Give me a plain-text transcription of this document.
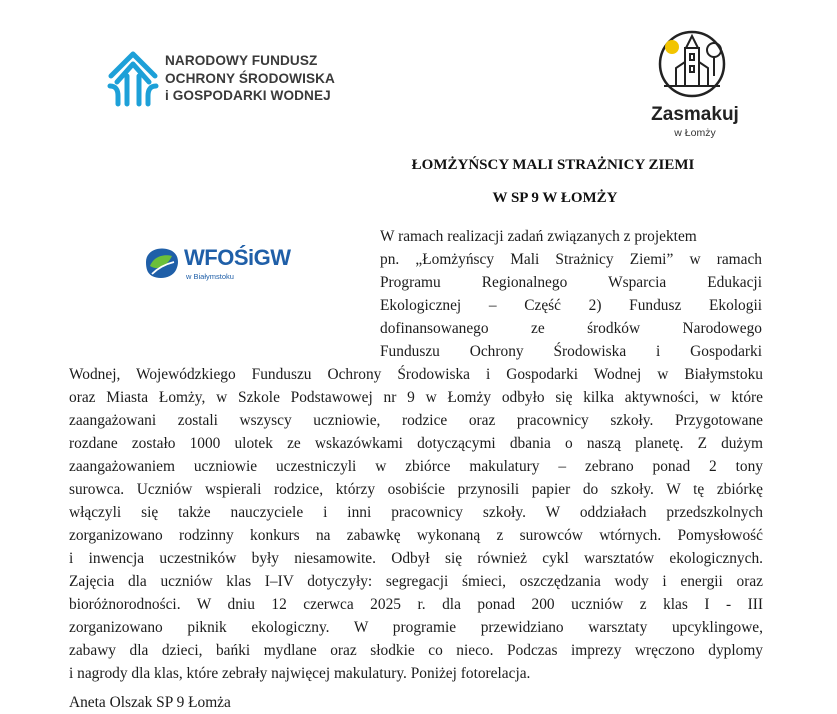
NARODOWY FUNDUSZ
OCHRONY ŚRODOWISKA
i GOSPODARKI WODNEJ
Zasmakuj
w Łomży
WFOŚiGW
w Białymstoku
ŁOMŻYŃSCY MALI STRAŻNICY ZIEMI
W SP 9 W ŁOMŻY
W ramach realizacji zadań związanych z projektem
pn. „Łomżyńscy Mali Strażnicy Ziemi” w ramach
Programu Regionalnego Wsparcia Edukacji
Ekologicznej – Część 2) Fundusz Ekologii
dofinansowanego ze środków Narodowego
Funduszu Ochrony Środowiska i Gospodarki
Wodnej, Wojewódzkiego Funduszu Ochrony Środowiska i Gospodarki Wodnej w Białymstoku
oraz Miasta Łomży, w Szkole Podstawowej nr 9 w Łomży odbyło się kilka aktywności, w które
zaangażowani zostali wszyscy uczniowie, rodzice oraz pracownicy szkoły. Przygotowane
rozdane zostało 1000 ulotek ze wskazówkami dotyczącymi dbania o naszą planetę. Z dużym
zaangażowaniem uczniowie uczestniczyli w zbiórce makulatury – zebrano ponad 2 tony
surowca. Uczniów wspierali rodzice, którzy osobiście przynosili papier do szkoły. W tę zbiórkę
włączyli się także nauczyciele i inni pracownicy szkoły. W oddziałach przedszkolnych
zorganizowano rodzinny konkurs na zabawkę wykonaną z surowców wtórnych. Pomysłowość
i inwencja uczestników były niesamowite. Odbył się również cykl warsztatów ekologicznych.
Zajęcia dla uczniów klas I–IV dotyczyły: segregacji śmieci, oszczędzania wody i energii oraz
bioróżnorodności. W dniu 12 czerwca 2025 r. dla ponad 200 uczniów z klas I - III
zorganizowano piknik ekologiczny. W programie przewidziano warsztaty upcyklingowe,
zabawy dla dzieci, bańki mydlane oraz słodkie co nieco. Podczas imprezy wręczono dyplomy
i nagrody dla klas, które zebrały najwięcej makulatury. Poniżej fotorelacja.
Aneta Olszak SP 9 Łomża
